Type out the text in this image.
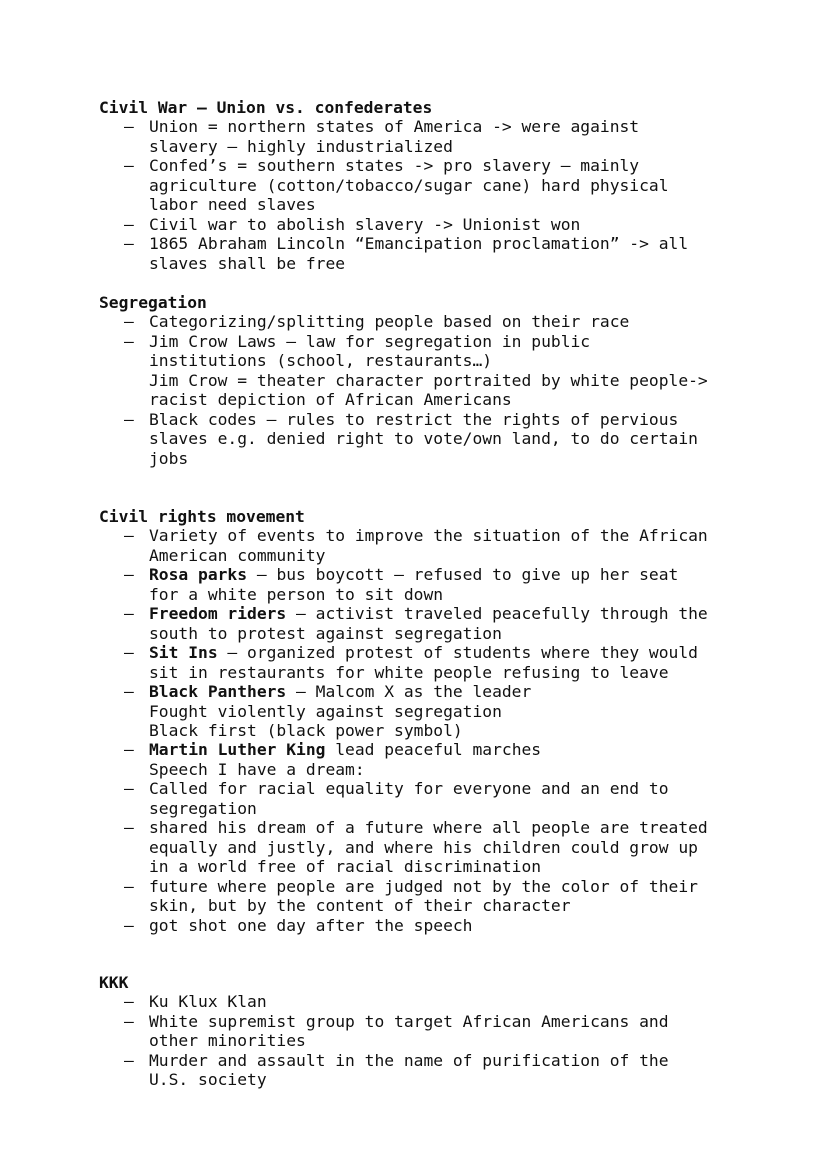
Civil War – Union vs. confederates
– Union = northern states of America -> were against
slavery – highly industrialized
– Confed’s = southern states -> pro slavery – mainly
agriculture (cotton/tobacco/sugar cane) hard physical
labor need slaves
– Civil war to abolish slavery -> Unionist won
– 1865 Abraham Lincoln “Emancipation proclamation” -> all
slaves shall be free
Segregation
– Categorizing/splitting people based on their race
– Jim Crow Laws – law for segregation in public
institutions (school, restaurants…)
Jim Crow = theater character portraited by white people->
racist depiction of African Americans
– Black codes – rules to restrict the rights of pervious
slaves e.g. denied right to vote/own land, to do certain
jobs
Civil rights movement
– Variety of events to improve the situation of the African
American community
– Rosa parks – bus boycott – refused to give up her seat
for a white person to sit down
– Freedom riders – activist traveled peacefully through the
south to protest against segregation
– Sit Ins – organized protest of students where they would
sit in restaurants for white people refusing to leave
– Black Panthers – Malcom X as the leader
Fought violently against segregation
Black first (black power symbol)
– Martin Luther King lead peaceful marches
Speech I have a dream:
– Called for racial equality for everyone and an end to
segregation
– shared his dream of a future where all people are treated
equally and justly, and where his children could grow up
in a world free of racial discrimination
– future where people are judged not by the color of their
skin, but by the content of their character
– got shot one day after the speech
KKK
– Ku Klux Klan
– White supremist group to target African Americans and
other minorities
– Murder and assault in the name of purification of the
U.S. society
